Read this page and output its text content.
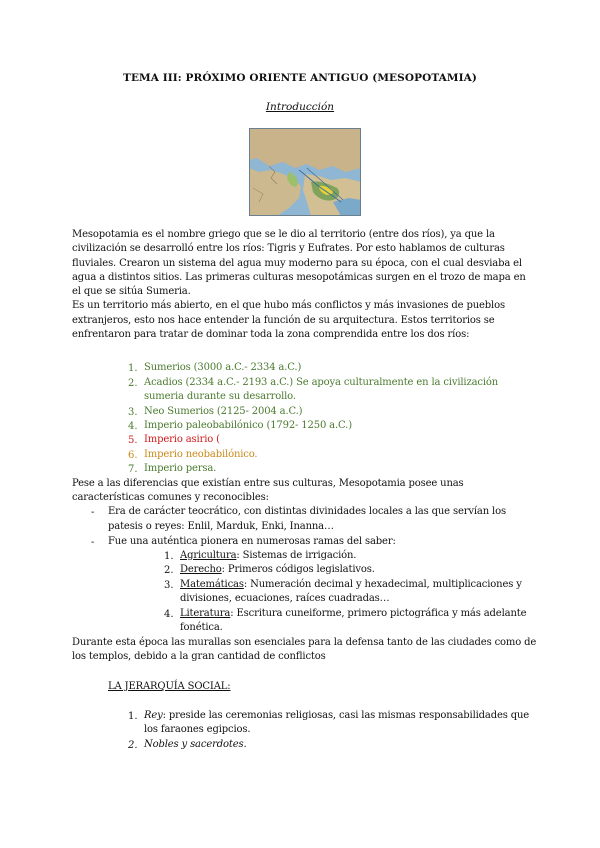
TEMA III: PRÓXIMO ORIENTE ANTIGUO (MESOPOTAMIA)
Introducción
Mesopotamia es el nombre griego que se le dio al territorio (entre dos ríos), ya que la
civilización se desarrolló entre los ríos: Tigris y Eufrates. Por esto hablamos de culturas
fluviales. Crearon un sistema del agua muy moderno para su época, con el cual desviaba el
agua a distintos sitios. Las primeras culturas mesopotámicas surgen en el trozo de mapa en
el que se sitúa Sumeria.
Es un territorio más abierto, en el que hubo más conflictos y más invasiones de pueblos
extranjeros, esto nos hace entender la función de su arquitectura. Estos territorios se
enfrentaron para tratar de dominar toda la zona comprendida entre los dos ríos:
1. Sumerios (3000 a.C.- 2334 a.C.)
2. Acadios (2334 a.C.- 2193 a.C.) Se apoya culturalmente en la civilización
sumeria durante su desarrollo.
3. Neo Sumerios (2125- 2004 a.C.)
4. Imperio paleobabilónico (1792- 1250 a.C.)
5. Imperio asirio (
6. Imperio neobabilónico.
7. Imperio persa.
Pese a las diferencias que existían entre sus culturas, Mesopotamia posee unas
características comunes y reconocibles:
- Era de carácter teocrático, con distintas divinidades locales a las que servían los
patesis o reyes: Enlil, Marduk, Enki, Inanna…
- Fue una auténtica pionera en numerosas ramas del saber:
1. Agricultura: Sistemas de irrigación.
2. Derecho: Primeros códigos legislativos.
3. Matemáticas: Numeración decimal y hexadecimal, multiplicaciones y
divisiones, ecuaciones, raíces cuadradas…
4. Literatura: Escritura cuneiforme, primero pictográfica y más adelante
fonética.
Durante esta época las murallas son esenciales para la defensa tanto de las ciudades como de
los templos, debido a la gran cantidad de conflictos
LA JERARQUÍA SOCIAL:
1. Rey: preside las ceremonias religiosas, casi las mismas responsabilidades que
los faraones egipcios.
2. Nobles y sacerdotes.
